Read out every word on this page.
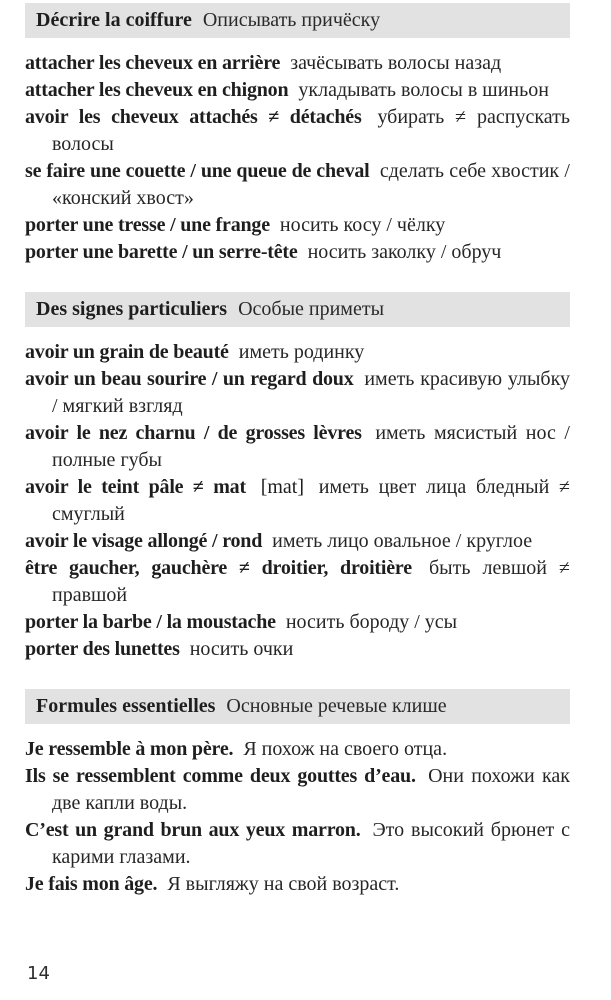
Décrire la coiffure Описывать причёску

attacher les cheveux en arrière зачёсывать волосы назад

attacher les cheveux en chignon укладывать волосы в шиньон

avoir les cheveux attachés ≠ détachés убирать ≠ распускать волосы

se faire une couette / une queue de cheval сделать себе хвостик / «конский хвост»

porter une tresse / une frange носить косу / чёлку

porter une barette / un serre-tête носить заколку / обруч

Des signes particuliers Особые приметы

avoir un grain de beauté иметь родинку

avoir un beau sourire / un regard doux иметь красивую улыбку / мягкий взгляд

avoir le nez charnu / de grosses lèvres иметь мясистый нос / полные губы

avoir le teint pâle ≠ mat [mat] иметь цвет лица бледный ≠ смуглый

avoir le visage allongé / rond иметь лицо овальное / круглое

être gaucher, gauchère ≠ droitier, droitière быть левшой ≠ правшой

porter la barbe / la moustache носить бороду / усы

porter des lunettes носить очки

Formules essentielles Основные речевые клише

Je ressemble à mon père. Я похож на своего отца.

Ils se ressemblent comme deux gouttes d’eau. Они похожи как две капли воды.

C’est un grand brun aux yeux marron. Это высокий брюнет с карими глазами.

Je fais mon âge. Я выгляжу на свой возраст.

14
